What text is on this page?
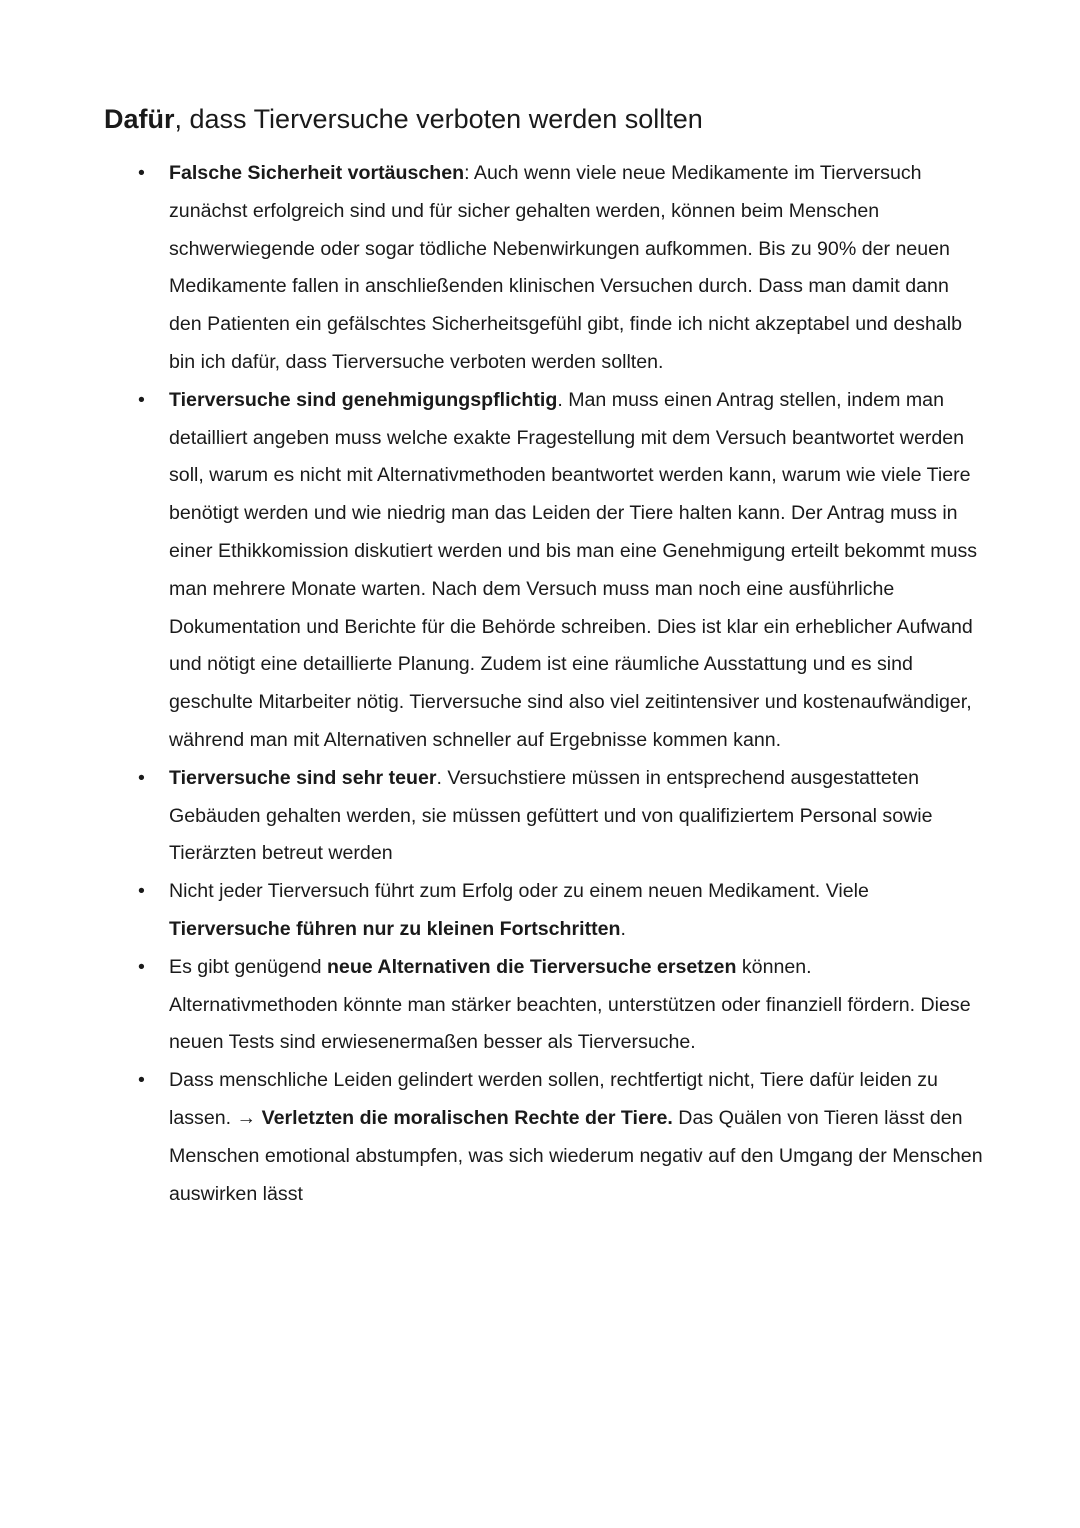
Dafür, dass Tierversuche verboten werden sollten
• Falsche Sicherheit vortäuschen: Auch wenn viele neue Medikamente im Tierversuch zunächst erfolgreich sind und für sicher gehalten werden, können beim Menschen schwerwiegende oder sogar tödliche Nebenwirkungen aufkommen. Bis zu 90% der neuen Medikamente fallen in anschließenden klinischen Versuchen durch. Dass man damit dann den Patienten ein gefälschtes Sicherheitsgefühl gibt, finde ich nicht akzeptabel und deshalb bin ich dafür, dass Tierversuche verboten werden sollten.
• Tierversuche sind genehmigungspflichtig. Man muss einen Antrag stellen, indem man detailliert angeben muss welche exakte Fragestellung mit dem Versuch beantwortet werden soll, warum es nicht mit Alternativmethoden beantwortet werden kann, warum wie viele Tiere benötigt werden und wie niedrig man das Leiden der Tiere halten kann. Der Antrag muss in einer Ethikkomission diskutiert werden und bis man eine Genehmigung erteilt bekommt muss man mehrere Monate warten. Nach dem Versuch muss man noch eine ausführliche Dokumentation und Berichte für die Behörde schreiben. Dies ist klar ein erheblicher Aufwand und nötigt eine detaillierte Planung. Zudem ist eine räumliche Ausstattung und es sind geschulte Mitarbeiter nötig. Tierversuche sind also viel zeitintensiver und kostenaufwändiger, während man mit Alternativen schneller auf Ergebnisse kommen kann.
• Tierversuche sind sehr teuer. Versuchstiere müssen in entsprechend ausgestatteten Gebäuden gehalten werden, sie müssen gefüttert und von qualifiziertem Personal sowie Tierärzten betreut werden
• Nicht jeder Tierversuch führt zum Erfolg oder zu einem neuen Medikament. Viele Tierversuche führen nur zu kleinen Fortschritten.
• Es gibt genügend neue Alternativen die Tierversuche ersetzen können. Alternativmethoden könnte man stärker beachten, unterstützen oder finanziell fördern. Diese neuen Tests sind erwiesenermaßen besser als Tierversuche.
• Dass menschliche Leiden gelindert werden sollen, rechtfertigt nicht, Tiere dafür leiden zu lassen. → Verletzten die moralischen Rechte der Tiere. Das Quälen von Tieren lässt den Menschen emotional abstumpfen, was sich wiederum negativ auf den Umgang der Menschen auswirken lässt
